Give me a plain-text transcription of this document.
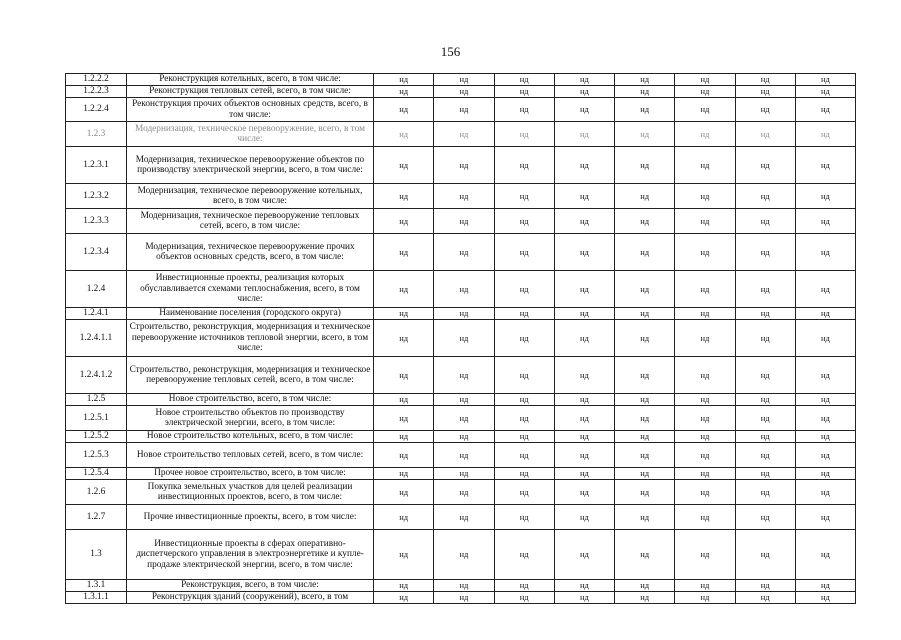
156
1.2.2.2	Реконструкция котельных, всего, в том числе:	нд	нд	нд	нд	нд	нд	нд	нд
1.2.2.3	Реконструкция тепловых сетей, всего, в том числе:	нд	нд	нд	нд	нд	нд	нд	нд
1.2.2.4	Реконструкция прочих объектов основных средств, всего, в том числе:	нд	нд	нд	нд	нд	нд	нд	нд
1.2.3	Модернизация, техническое перевооружение, всего, в том числе:	нд	нд	нд	нд	нд	нд	нд	нд
1.2.3.1	Модернизация, техническое перевооружение объектов по производству электрической энергии, всего, в том числе:	нд	нд	нд	нд	нд	нд	нд	нд
1.2.3.2	Модернизация, техническое перевооружение котельных, всего, в том числе:	нд	нд	нд	нд	нд	нд	нд	нд
1.2.3.3	Модернизация, техническое перевооружение тепловых сетей, всего, в том числе:	нд	нд	нд	нд	нд	нд	нд	нд
1.2.3.4	Модернизация, техническое перевооружение прочих объектов основных средств, всего, в том числе:	нд	нд	нд	нд	нд	нд	нд	нд
1.2.4	Инвестиционные проекты, реализация которых обуславливается схемами теплоснабжения, всего, в том числе:	нд	нд	нд	нд	нд	нд	нд	нд
1.2.4.1	Наименование поселения (городского округа)	нд	нд	нд	нд	нд	нд	нд	нд
1.2.4.1.1	Строительство, реконструкция, модернизация и техническое перевооружение источников тепловой энергии, всего, в том числе:	нд	нд	нд	нд	нд	нд	нд	нд
1.2.4.1.2	Строительство, реконструкция, модернизация и техническое перевооружение тепловых сетей, всего, в том числе:	нд	нд	нд	нд	нд	нд	нд	нд
1.2.5	Новое строительство, всего, в том числе:	нд	нд	нд	нд	нд	нд	нд	нд
1.2.5.1	Новое строительство объектов по производству электрической энергии, всего, в том числе:	нд	нд	нд	нд	нд	нд	нд	нд
1.2.5.2	Новое строительство котельных, всего, в том числе:	нд	нд	нд	нд	нд	нд	нд	нд
1.2.5.3	Новое строительство тепловых сетей, всего, в том числе:	нд	нд	нд	нд	нд	нд	нд	нд
1.2.5.4	Прочее новое строительство, всего, в том числе:	нд	нд	нд	нд	нд	нд	нд	нд
1.2.6	Покупка земельных участков для целей реализации инвестиционных проектов, всего, в том числе:	нд	нд	нд	нд	нд	нд	нд	нд
1.2.7	Прочие инвестиционные проекты, всего, в том числе:	нд	нд	нд	нд	нд	нд	нд	нд
1.3	Инвестиционные проекты в сферах оперативно-диспетчерского управления в электроэнергетике и купле-продаже электрической энергии, всего, в том числе:	нд	нд	нд	нд	нд	нд	нд	нд
1.3.1	Реконструкция, всего, в том числе:	нд	нд	нд	нд	нд	нд	нд	нд
1.3.1.1	Реконструкция зданий (сооружений), всего, в том	нд	нд	нд	нд	нд	нд	нд	нд
